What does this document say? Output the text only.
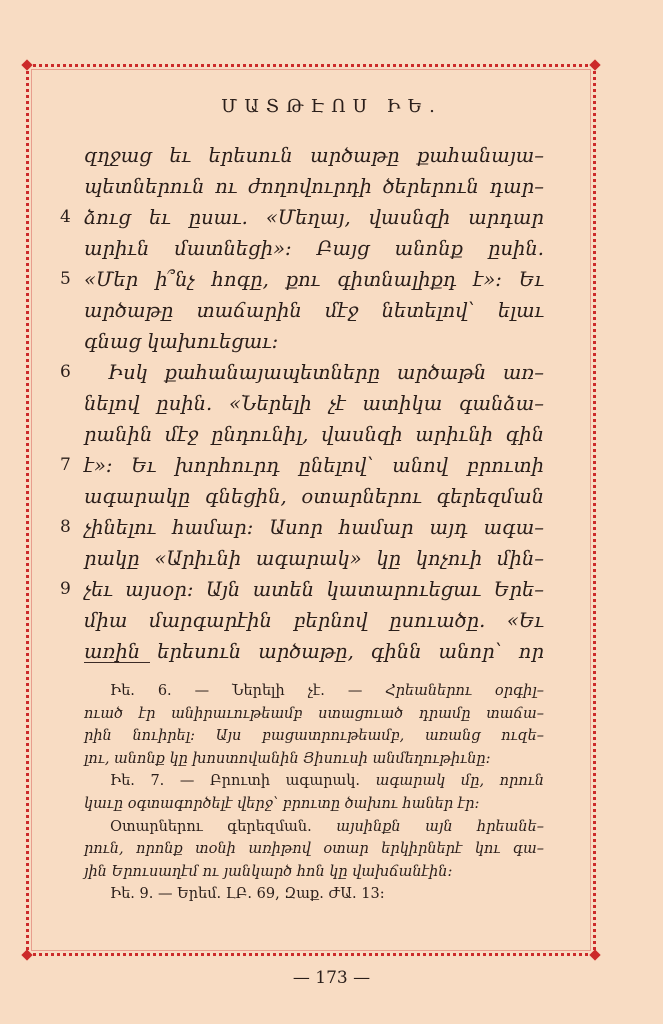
ՄԱՏԹԷՈՍ ԻԵ.
զղջաց եւ երեսուն արծաթը քահանայա–
պետներուն ու ժողովուրդի ծերերուն դար–
4 ձուց եւ ըսաւ. «Մեղայ, վասնզի արդար
արիւն մատնեցի»։ Բայց անոնք ըսին.
5 «Մեր ի՞նչ հոգը, քու գիտնալիքդ է»։ Եւ
արծաթը տաճարին մէջ նետելով՝ ելաւ
գնաց կախուեցաւ։
6 Իսկ քահանայապետները արծաթն առ–
նելով ըսին. «Ներելի չէ ատիկա գանձա–
րանին մէջ ընդունիլ, վասնզի արիւնի գին
7 է»։ Եւ խորհուրդ ընելով՝ անով բրուտի
ագարակը գնեցին, օտարներու գերեզման
8 չինելու համար։ Ասոր համար այդ ագա–
րակը «Արիւնի ագարակ» կը կոչուի մին–
9 չեւ այսօր։ Այն ատեն կատարուեցաւ Երե–
միա մարգարէին բերնով ըսուածը. «Եւ
առին երեսուն արծաթը, գինն անոր՝ որ
Իե. 6. — Ներելի չէ. — Հրեաներու օրգիլ–
ուած էր անիրաւութեամբ ստացուած դրամը տաճա–
րին նուիրել։ Այս բացատրութեամբ, առանց ուզե–
լու, անոնք կը խոստովանին Յիսուսի անմեղութիւնը։
Իե. 7. — Բրուտի ագարակ. ագարակ մը, որուն
կաւը օգտագործելէ վերջ՝ բրուտը ծախու հաներ էր։
Օտարներու գերեզման. այսինքն այն հրեանե–
րուն, որոնք տօնի առիթով օտար երկիրներէ կու գա–
յին Երուսաղէմ ու յանկարծ հոն կը վախճանէին։
Իե. 9. — Երեմ. ԼԲ. 69, Զաք. ԺԱ. 13։
— 173 —
